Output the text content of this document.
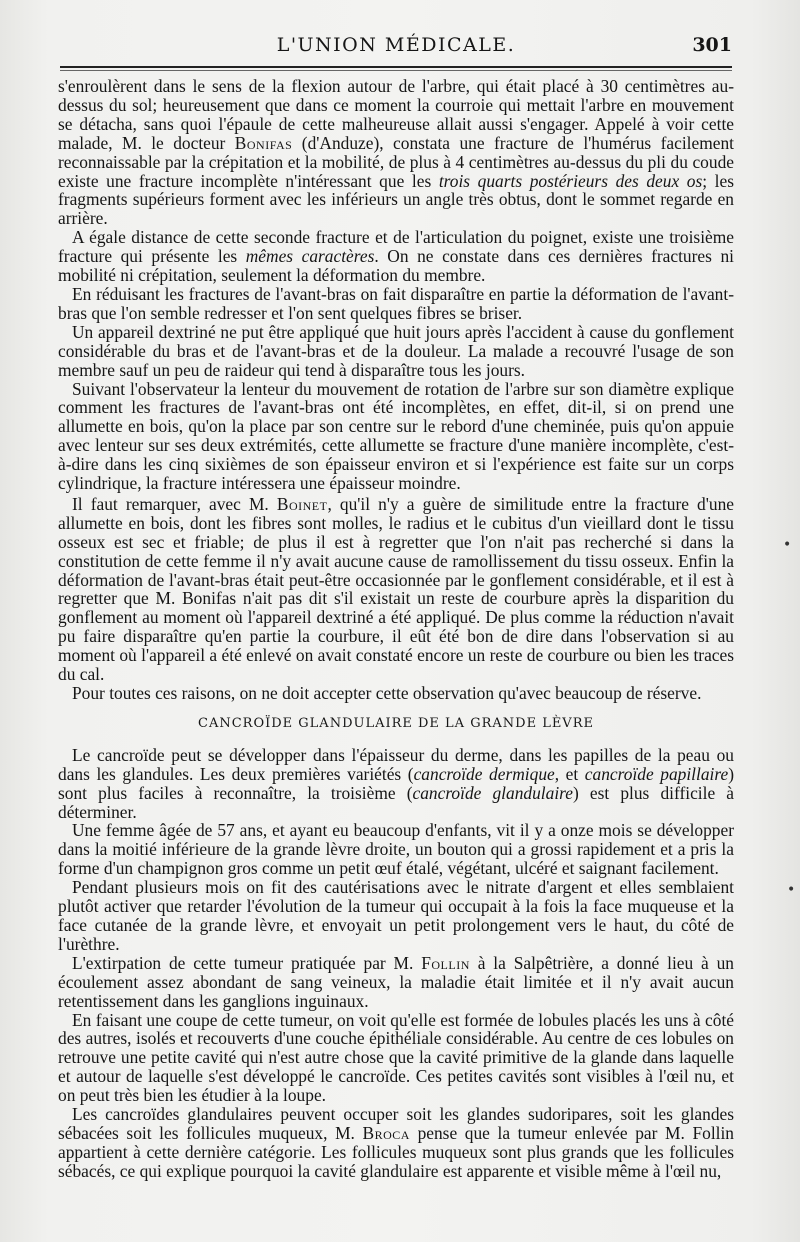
L'UNION MÉDICALE.	301

s'enroulèrent dans le sens de la flexion autour de l'arbre, qui était placé à 30 centimètres au-dessus du sol; heureusement que dans ce moment la courroie qui mettait l'arbre en mouvement se détacha, sans quoi l'épaule de cette malheureuse allait aussi s'engager. Appelé à voir cette malade, M. le docteur Bonifas (d'Anduze), constata une fracture de l'humérus facilement reconnaissable par la crépitation et la mobilité, de plus à 4 centimètres au-dessus du pli du coude existe une fracture incomplète n'intéressant que les trois quarts postérieurs des deux os; les fragments supérieurs forment avec les inférieurs un angle très obtus, dont le sommet regarde en arrière.

A égale distance de cette seconde fracture et de l'articulation du poignet, existe une troisième fracture qui présente les mêmes caractères. On ne constate dans ces dernières fractures ni mobilité ni crépitation, seulement la déformation du membre.

En réduisant les fractures de l'avant-bras on fait disparaître en partie la déformation de l'avant-bras que l'on semble redresser et l'on sent quelques fibres se briser.

Un appareil dextriné ne put être appliqué que huit jours après l'accident à cause du gonflement considérable du bras et de l'avant-bras et de la douleur. La malade a recouvré l'usage de son membre sauf un peu de raideur qui tend à disparaître tous les jours.

Suivant l'observateur la lenteur du mouvement de rotation de l'arbre sur son diamètre explique comment les fractures de l'avant-bras ont été incomplètes, en effet, dit-il, si on prend une allumette en bois, qu'on la place par son centre sur le rebord d'une cheminée, puis qu'on appuie avec lenteur sur ses deux extrémités, cette allumette se fracture d'une manière incomplète, c'est-à-dire dans les cinq sixièmes de son épaisseur environ et si l'expérience est faite sur un corps cylindrique, la fracture intéressera une épaisseur moindre.

Il faut remarquer, avec M. Boinet, qu'il n'y a guère de similitude entre la fracture d'une allumette en bois, dont les fibres sont molles, le radius et le cubitus d'un vieillard dont le tissu osseux est sec et friable; de plus il est à regretter que l'on n'ait pas recherché si dans la constitution de cette femme il n'y avait aucune cause de ramollissement du tissu osseux. Enfin la déformation de l'avant-bras était peut-être occasionnée par le gonflement considérable, et il est à regretter que M. Bonifas n'ait pas dit s'il existait un reste de courbure après la disparition du gonflement au moment où l'appareil dextriné a été appliqué. De plus comme la réduction n'avait pu faire disparaître qu'en partie la courbure, il eût été bon de dire dans l'observation si au moment où l'appareil a été enlevé on avait constaté encore un reste de courbure ou bien les traces du cal.

Pour toutes ces raisons, on ne doit accepter cette observation qu'avec beaucoup de réserve.

CANCROÏDE GLANDULAIRE DE LA GRANDE LÈVRE

Le cancroïde peut se développer dans l'épaisseur du derme, dans les papilles de la peau ou dans les glandules. Les deux premières variétés (cancroïde dermique, et cancroïde papillaire) sont plus faciles à reconnaître, la troisième (cancroïde glandulaire) est plus difficile à déterminer.

Une femme âgée de 57 ans, et ayant eu beaucoup d'enfants, vit il y a onze mois se développer dans la moitié inférieure de la grande lèvre droite, un bouton qui a grossi rapidement et a pris la forme d'un champignon gros comme un petit œuf étalé, végétant, ulcéré et saignant facilement.

Pendant plusieurs mois on fit des cautérisations avec le nitrate d'argent et elles semblaient plutôt activer que retarder l'évolution de la tumeur qui occupait à la fois la face muqueuse et la face cutanée de la grande lèvre, et envoyait un petit prolongement vers le haut, du côté de l'urèthre.

L'extirpation de cette tumeur pratiquée par M. Follin à la Salpêtrière, a donné lieu à un écoulement assez abondant de sang veineux, la maladie était limitée et il n'y avait aucun retentissement dans les ganglions inguinaux.

En faisant une coupe de cette tumeur, on voit qu'elle est formée de lobules placés les uns à côté des autres, isolés et recouverts d'une couche épithéliale considérable. Au centre de ces lobules on retrouve une petite cavité qui n'est autre chose que la cavité primitive de la glande dans laquelle et autour de laquelle s'est développé le cancroïde. Ces petites cavités sont visibles à l'œil nu, et on peut très bien les étudier à la loupe.

Les cancroïdes glandulaires peuvent occuper soit les glandes sudoripares, soit les glandes sébacées soit les follicules muqueux, M. Broca pense que la tumeur enlevée par M. Follin appartient à cette dernière catégorie. Les follicules muqueux sont plus grands que les follicules sébacés, ce qui explique pourquoi la cavité glandulaire est apparente et visible même à l'œil nu,

•
•
